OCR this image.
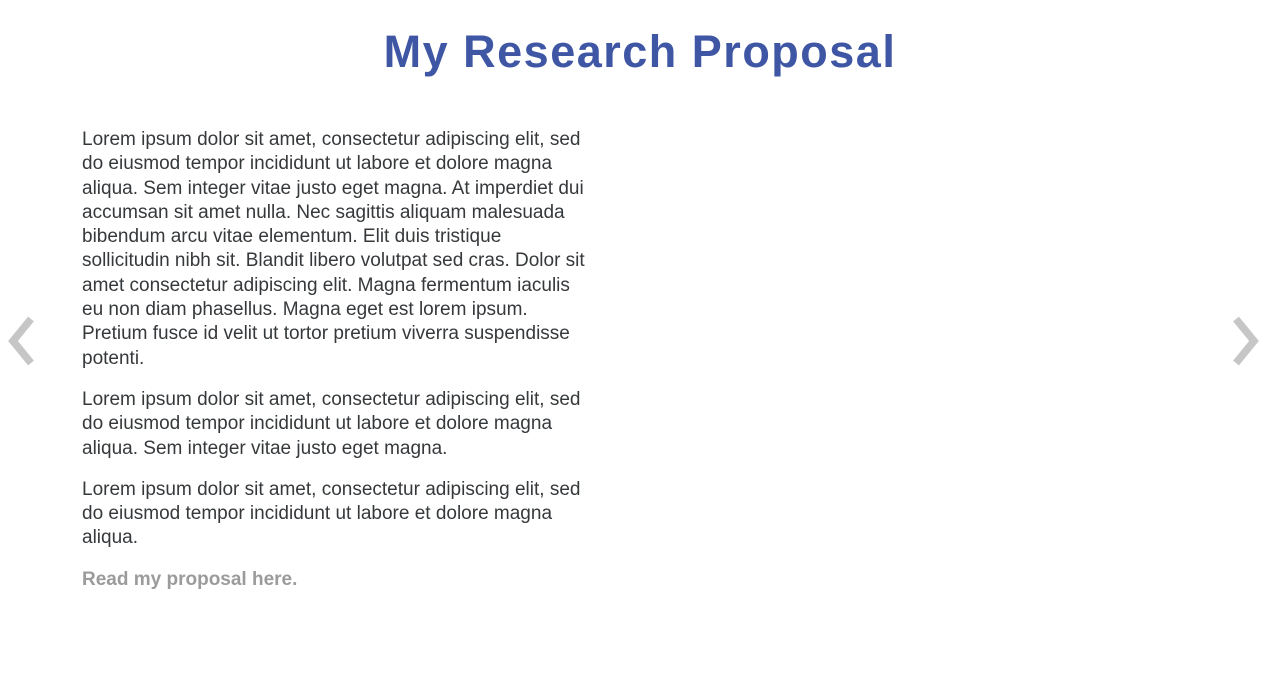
My Research Proposal

Lorem ipsum dolor sit amet, consectetur adipiscing elit, sed do eiusmod tempor incididunt ut labore et dolore magna aliqua. Sem integer vitae justo eget magna. At imperdiet dui accumsan sit amet nulla. Nec sagittis aliquam malesuada bibendum arcu vitae elementum. Elit duis tristique sollicitudin nibh sit. Blandit libero volutpat sed cras. Dolor sit amet consectetur adipiscing elit. Magna fermentum iaculis eu non diam phasellus. Magna eget est lorem ipsum. Pretium fusce id velit ut tortor pretium viverra suspendisse potenti.

Lorem ipsum dolor sit amet, consectetur adipiscing elit, sed do eiusmod tempor incididunt ut labore et dolore magna aliqua. Sem integer vitae justo eget magna.

Lorem ipsum dolor sit amet, consectetur adipiscing elit, sed do eiusmod tempor incididunt ut labore et dolore magna aliqua.

Read my proposal here.
